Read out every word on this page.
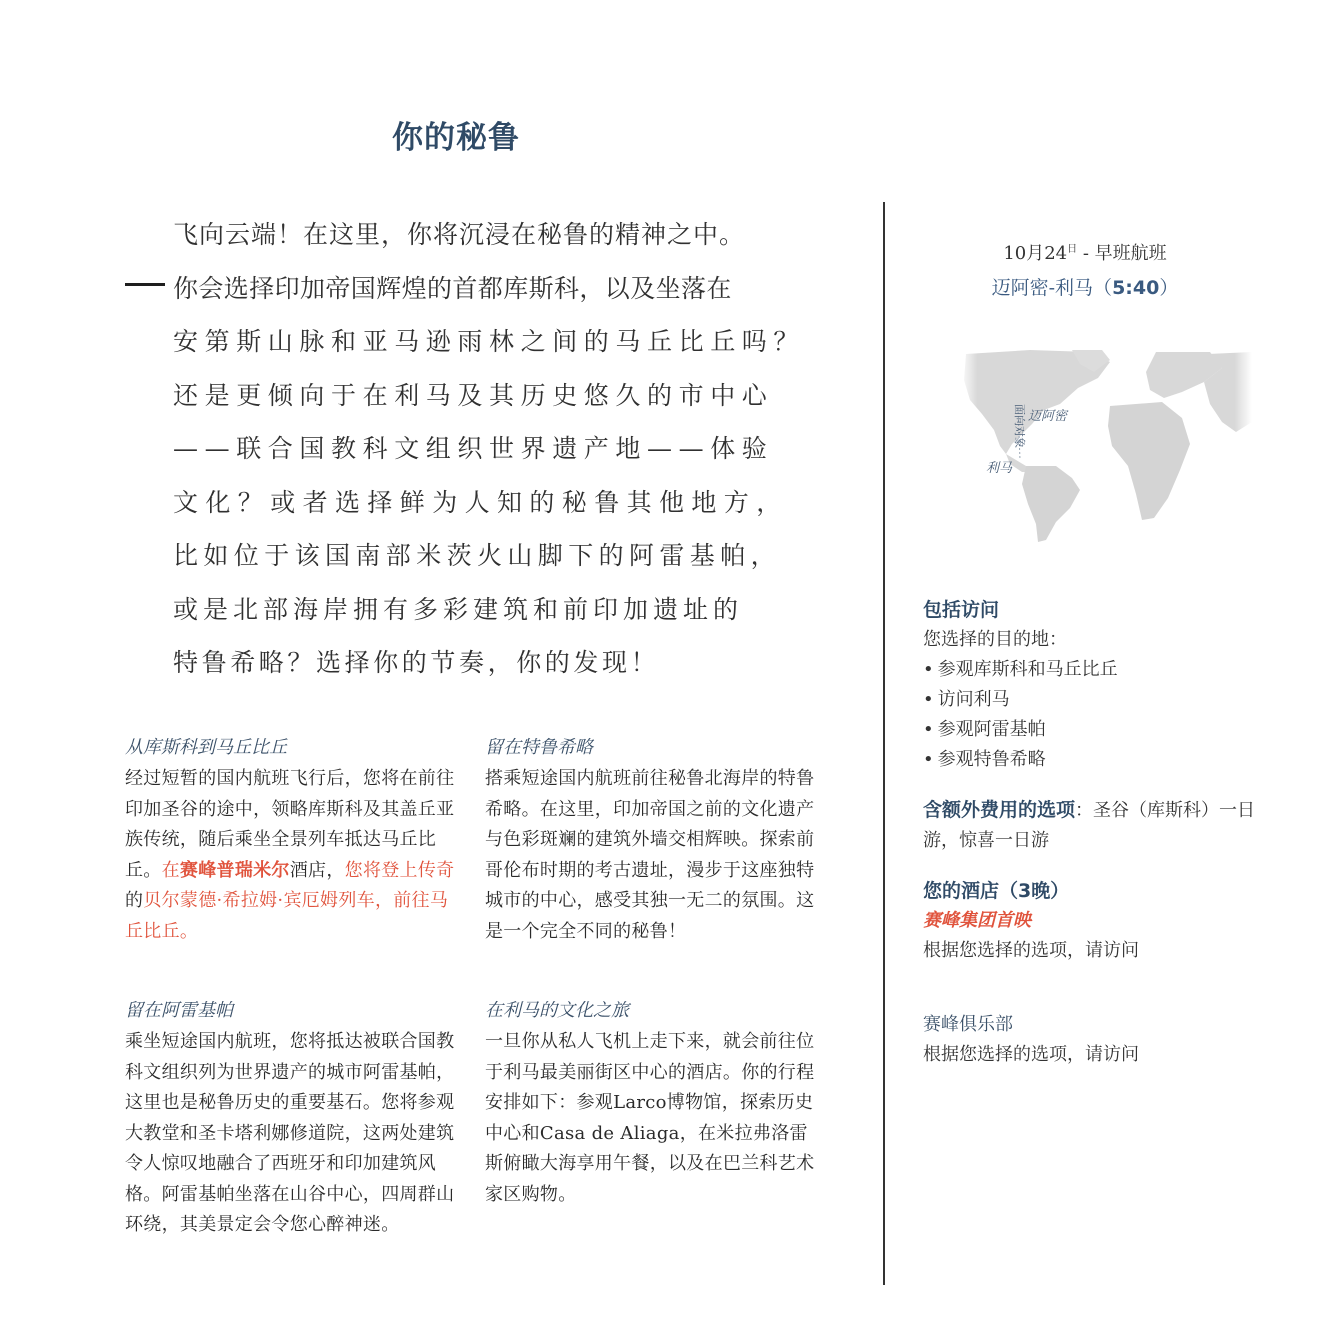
你的秘鲁
飞向云端！在这里，你将沉浸在秘鲁的精神之中。
你会选择印加帝国辉煌的首都库斯科，以及坐落在
安第斯山脉和亚马逊雨林之间的马丘比丘吗？
还是更倾向于在利马及其历史悠久的市中心
——联合国教科文组织世界遗产地——体验
文化？或者选择鲜为人知的秘鲁其他地方，
比如位于该国南部米茨火山脚下的阿雷基帕，
或是北部海岸拥有多彩建筑和前印加遗址的
特鲁希略？选择你的节奏，你的发现！
从库斯科到马丘比丘
经过短暂的国内航班飞行后，您将在前往印加圣谷的途中，领略库斯科及其盖丘亚族传统，随后乘坐全景列车抵达马丘比丘。在赛峰普瑞米尔酒店，您将登上传奇的贝尔蒙德·希拉姆·宾厄姆列车，前往马丘比丘。
留在特鲁希略
搭乘短途国内航班前往秘鲁北海岸的特鲁希略。在这里，印加帝国之前的文化遗产与色彩斑斓的建筑外墙交相辉映。探索前哥伦布时期的考古遗址，漫步于这座独特城市的中心，感受其独一无二的氛围。这是一个完全不同的秘鲁！
留在阿雷基帕
乘坐短途国内航班，您将抵达被联合国教科文组织列为世界遗产的城市阿雷基帕，这里也是秘鲁历史的重要基石。您将参观大教堂和圣卡塔利娜修道院，这两处建筑令人惊叹地融合了西班牙和印加建筑风格。阿雷基帕坐落在山谷中心，四周群山环绕，其美景定会令您心醉神迷。
在利马的文化之旅
一旦你从私人飞机上走下来，就会前往位于利马最美丽街区中心的酒店。你的行程安排如下：参观Larco博物馆，探索历史中心和Casa de Aliaga，在米拉弗洛雷斯俯瞰大海享用午餐，以及在巴兰科艺术家区购物。
10月$24^日$ - 早班航班
迈阿密-利马（5:40）
迈阿密
利马
面向对象
包括访问
您选择的目的地：
• 参观库斯科和马丘比丘
• 访问利马
• 参观阿雷基帕
• 参观特鲁希略
含额外费用的选项：圣谷（库斯科）一日游，惊喜一日游
您的酒店（3晚）
赛峰集团首映
根据您选择的选项，请访问
赛峰俱乐部
根据您选择的选项，请访问
